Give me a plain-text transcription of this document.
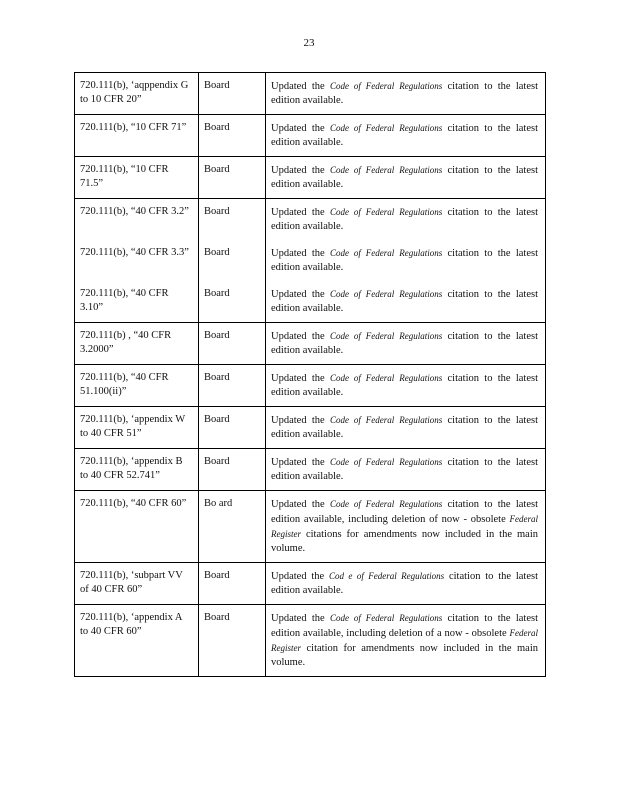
23
720.111(b), ‘aqppendix G to 10 CFR 20”	Board	Updated the Code of Federal Regulations citation to the latest edition available.
720.111(b), “10 CFR 71”	Board	Updated the Code of Federal Regulations citation to the latest edition available.
720.111(b), “10 CFR 71.5”	Board	Updated the Code of Federal Regulations citation to the latest edition available.
720.111(b), “40 CFR 3.2”	Board	Updated the Code of Federal Regulations citation to the latest edition available.
720.111(b), “40 CFR 3.3”	Board	Updated the Code of Federal Regulations citation to the latest edition available.
720.111(b), “40 CFR 3.10”	Board	Updated the Code of Federal Regulations citation to the latest edition available.
720.111(b) , “40 CFR 3.2000”	Board	Updated the Code of Federal Regulations citation to the latest edition available.
720.111(b), “40 CFR 51.100(ii)”	Board	Updated the Code of Federal Regulations citation to the latest edition available.
720.111(b), ‘appendix W to 40 CFR 51”	Board	Updated the Code of Federal Regulations citation to the latest edition available.
720.111(b), ‘appendix B to 40 CFR 52.741”	Board	Updated the Code of Federal Regulations citation to the latest edition available.
720.111(b), “40 CFR 60”	Bo ard	Updated the Code of Federal Regulations citation to the latest edition available, including deletion of now - obsolete Federal Register citations for amendments now included in the main volume.
720.111(b), ‘subpart VV of 40 CFR 60”	Board	Updated the Cod e of Federal Regulations citation to the latest edition available.
720.111(b), ‘appendix A to 40 CFR 60”	Board	Updated the Code of Federal Regulations citation to the latest edition available, including deletion of a now - obsolete Federal Register citation for amendments now included in the main volume.
